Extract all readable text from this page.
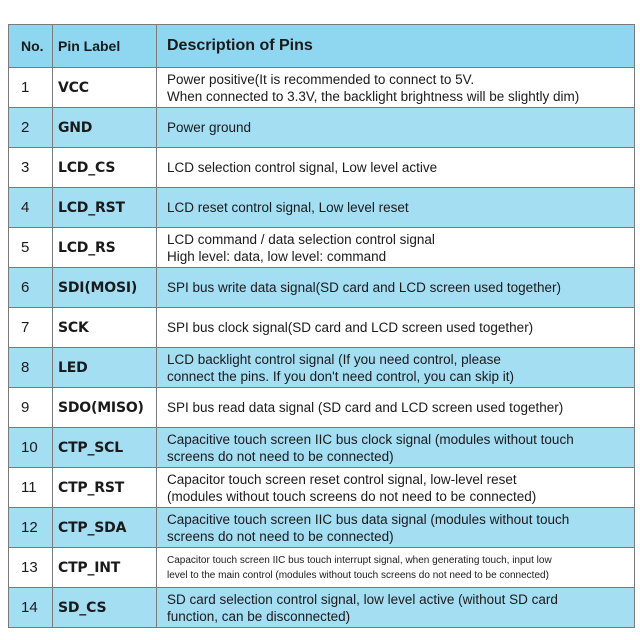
No.	Pin Label	Description of Pins
1	VCC	Power positive(It is recommended to connect to 5V.
When connected to 3.3V, the backlight brightness will be slightly dim)
2	GND	Power ground
3	LCD_CS	LCD selection control signal, Low level active
4	LCD_RST	LCD reset control signal, Low level reset
5	LCD_RS	LCD command / data selection control signal
High level: data, low level: command
6	SDI(MOSI)	SPI bus write data signal(SD card and LCD screen used together)
7	SCK	SPI bus clock signal(SD card and LCD screen used together)
8	LED	LCD backlight control signal (If you need control, please
connect the pins. If you don't need control, you can skip it)
9	SDO(MISO)	SPI bus read data signal (SD card and LCD screen used together)
10	CTP_SCL	Capacitive touch screen IIC bus clock signal (modules without touch
screens do not need to be connected)
11	CTP_RST	Capacitor touch screen reset control signal, low-level reset
(modules without touch screens do not need to be connected)
12	CTP_SDA	Capacitive touch screen IIC bus data signal (modules without touch
screens do not need to be connected)
13	CTP_INT	Capacitor touch screen IIC bus touch interrupt signal, when generating touch, input low
level to the main control (modules without touch screens do not need to be connected)
14	SD_CS	SD card selection control signal, low level active (without SD card
function, can be disconnected)
